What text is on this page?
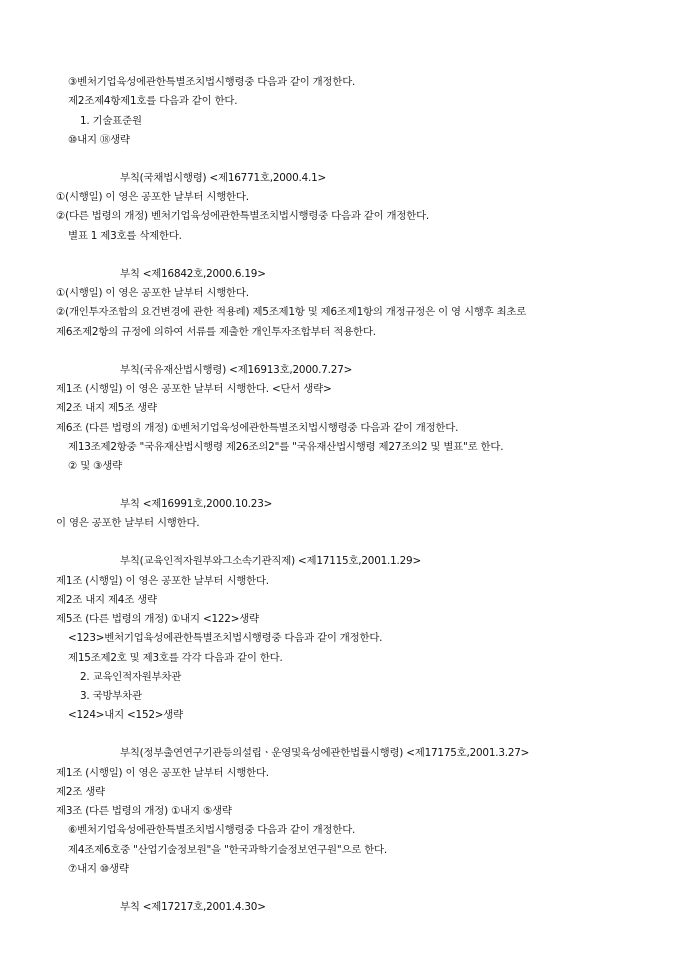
③벤처기업육성에관한특별조치법시행령중 다음과 같이 개정한다.
제2조제4항제1호를 다음과 같이 한다.
1. 기술표준원
⑩내지 ⑱생략
부칙(국채법시행령) <제16771호,2000.4.1>
①(시행일) 이 영은 공포한 날부터 시행한다.
②(다른 법령의 개정) 벤처기업육성에관한특별조치법시행령중 다음과 같이 개정한다.
별표 1 제3호를 삭제한다.
부칙 <제16842호,2000.6.19>
①(시행일) 이 영은 공포한 날부터 시행한다.
②(개인투자조합의 요건변경에 관한 적용례) 제5조제1항 및 제6조제1항의 개정규정은 이 영 시행후 최초로
제6조제2항의 규정에 의하여 서류를 제출한 개인투자조합부터 적용한다.
부칙(국유재산법시행령) <제16913호,2000.7.27>
제1조 (시행일) 이 영은 공포한 날부터 시행한다. <단서 생략>
제2조 내지 제5조 생략
제6조 (다른 법령의 개정) ①벤처기업육성에관한특별조치법시행령중 다음과 같이 개정한다.
제13조제2항중 "국유재산법시행령 제26조의2"를 "국유재산법시행령 제27조의2 및 별표"로 한다.
② 및 ③생략
부칙 <제16991호,2000.10.23>
이 영은 공포한 날부터 시행한다.
부칙(교육인적자원부와그소속기관직제) <제17115호,2001.1.29>
제1조 (시행일) 이 영은 공포한 날부터 시행한다.
제2조 내지 제4조 생략
제5조 (다른 법령의 개정) ①내지 <122>생략
<123>벤처기업육성에관한특별조치법시행령중 다음과 같이 개정한다.
제15조제2호 및 제3호를 각각 다음과 같이 한다.
2. 교육인적자원부차관
3. 국방부차관
<124>내지 <152>생략
부칙(정부출연연구기관등의설립ㆍ운영및육성에관한법률시행령) <제17175호,2001.3.27>
제1조 (시행일) 이 영은 공포한 날부터 시행한다.
제2조 생략
제3조 (다른 법령의 개정) ①내지 ⑤생략
⑥벤처기업육성에관한특별조치법시행령중 다음과 같이 개정한다.
제4조제6호중 "산업기술정보원"을 "한국과학기술정보연구원"으로 한다.
⑦내지 ⑩생략
부칙 <제17217호,2001.4.30>
